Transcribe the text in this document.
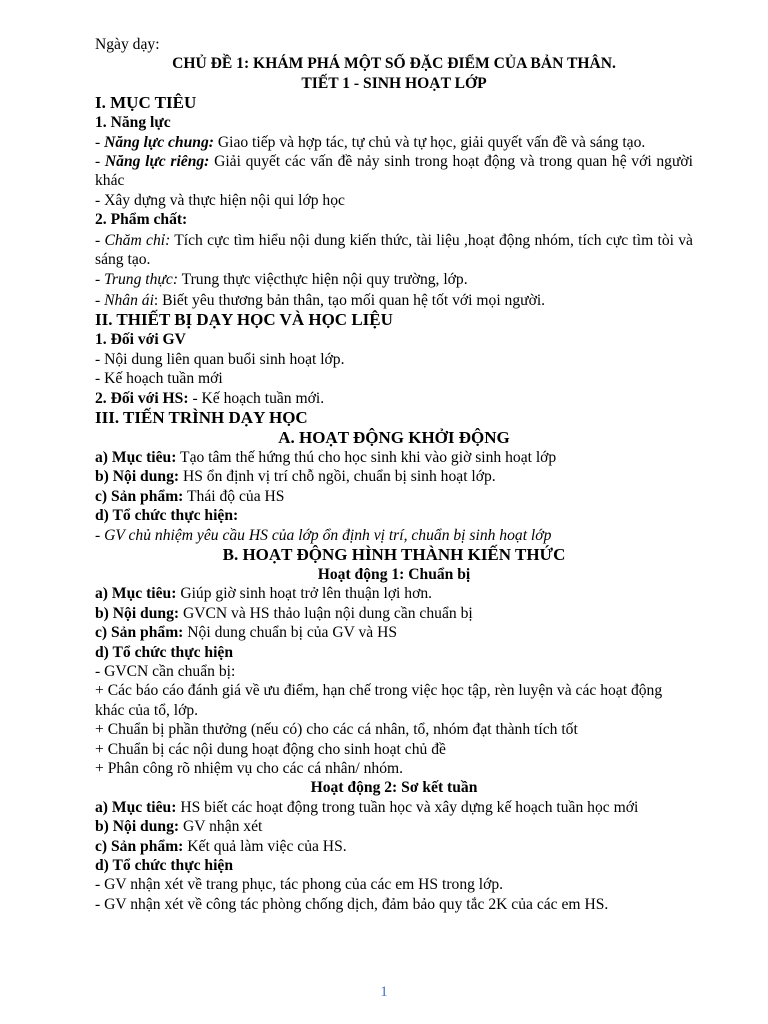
Ngày dạy:

CHỦ ĐỀ 1: KHÁM PHÁ MỘT SỐ ĐẶC ĐIỂM CỦA BẢN THÂN.

TIẾT 1 - SINH HOẠT LỚP

I. MỤC TIÊU

1. Năng lực

- Năng lực chung: Giao tiếp và hợp tác, tự chủ và tự học, giải quyết vấn đề và sáng tạo.

- Năng lực riêng: Giải quyết các vấn đề nảy sinh trong hoạt động và trong quan hệ với người khác

- Xây dựng và thực hiện nội qui lớp học

2. Phẩm chất:

- Chăm chỉ: Tích cực tìm hiểu nội dung kiến thức, tài liệu ,hoạt động nhóm, tích cực tìm tòi và sáng tạo.

- Trung thực: Trung thực việcthực hiện nội quy trường, lớp.

- Nhân ái: Biết yêu thương bản thân, tạo mối quan hệ tốt với mọi người.

II. THIẾT BỊ DẠY HỌC VÀ HỌC LIỆU

1. Đối với GV

- Nội dung liên quan buổi sinh hoạt lớp.

- Kế hoạch tuần mới

2. Đối với HS: - Kế hoạch tuần mới.

III. TIẾN TRÌNH DẠY HỌC

A. HOẠT ĐỘNG KHỞI ĐỘNG

a) Mục tiêu: Tạo tâm thế hứng thú cho học sinh khi vào giờ sinh hoạt lớp

b) Nội dung: HS ổn định vị trí chỗ ngồi, chuẩn bị sinh hoạt lớp.

c) Sản phẩm: Thái độ của HS

d) Tổ chức thực hiện:

- GV chủ nhiệm yêu cầu HS của lớp ổn định vị trí, chuẩn bị sinh hoạt lớp

B. HOẠT ĐỘNG HÌNH THÀNH KIẾN THỨC

Hoạt động 1: Chuẩn bị

a) Mục tiêu: Giúp giờ sinh hoạt trở lên thuận lợi hơn.

b) Nội dung: GVCN và HS thảo luận nội dung cần chuẩn bị

c) Sản phẩm: Nội dung chuẩn bị của GV và HS

d) Tổ chức thực hiện

- GVCN cần chuẩn bị:

+ Các báo cáo đánh giá về ưu điểm, hạn chế trong việc học tập, rèn luyện và các hoạt động khác của tổ, lớp.

+ Chuẩn bị phần thưởng (nếu có) cho các cá nhân, tổ, nhóm đạt thành tích tốt

+ Chuẩn bị các nội dung hoạt động cho sinh hoạt chủ đề

+ Phân công rõ nhiệm vụ cho các cá nhân/ nhóm.

Hoạt động 2: Sơ kết tuần

a) Mục tiêu: HS biết các hoạt động trong tuần học và xây dựng kế hoạch tuần học mới

b) Nội dung: GV nhận xét

c) Sản phẩm: Kết quả làm việc của HS.

d) Tổ chức thực hiện

- GV nhận xét về trang phục, tác phong của các em HS trong lớp.

- GV nhận xét về công tác phòng chống dịch, đảm bảo quy tắc 2K của các em HS.

1
